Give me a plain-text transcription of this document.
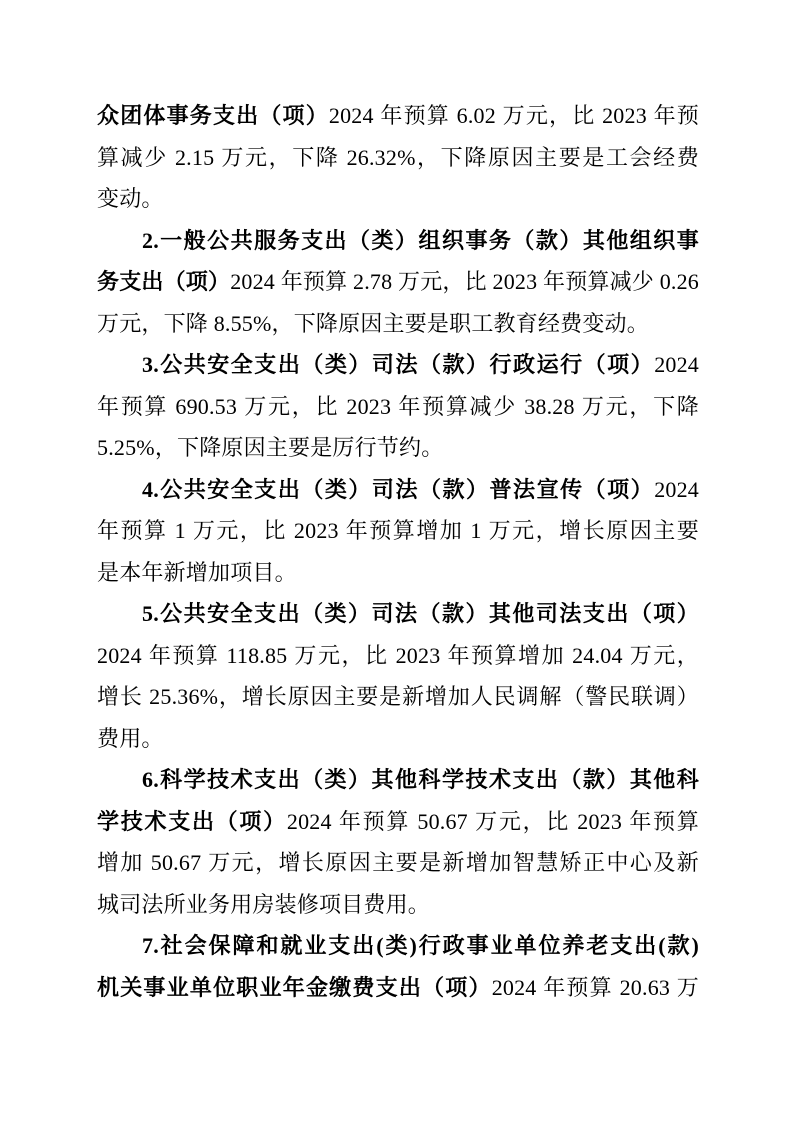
众团体事务支出（项）2024 年预算 6.02 万元，比 2023 年预
算减少 2.15 万元，下降 26.32%，下降原因主要是工会经费
变动。
2.一般公共服务支出（类）组织事务（款）其他组织事
务支出（项）2024 年预算 2.78 万元，比 2023 年预算减少 0.26
万元，下降 8.55%，下降原因主要是职工教育经费变动。
3.公共安全支出（类）司法（款）行政运行（项）2024
年预算 690.53 万元，比 2023 年预算减少 38.28 万元，下降
5.25%，下降原因主要是厉行节约。
4.公共安全支出（类）司法（款）普法宣传（项）2024
年预算 1 万元，比 2023 年预算增加 1 万元，增长原因主要
是本年新增加项目。
5.公共安全支出（类）司法（款）其他司法支出（项）
2024 年预算 118.85 万元，比 2023 年预算增加 24.04 万元，
增长 25.36%，增长原因主要是新增加人民调解（警民联调）
费用。
6.科学技术支出（类）其他科学技术支出（款）其他科
学技术支出（项）2024 年预算 50.67 万元，比 2023 年预算
增加 50.67 万元，增长原因主要是新增加智慧矫正中心及新
城司法所业务用房装修项目费用。
7.社会保障和就业支出(类)行政事业单位养老支出(款)
机关事业单位职业年金缴费支出（项）2024 年预算 20.63 万
